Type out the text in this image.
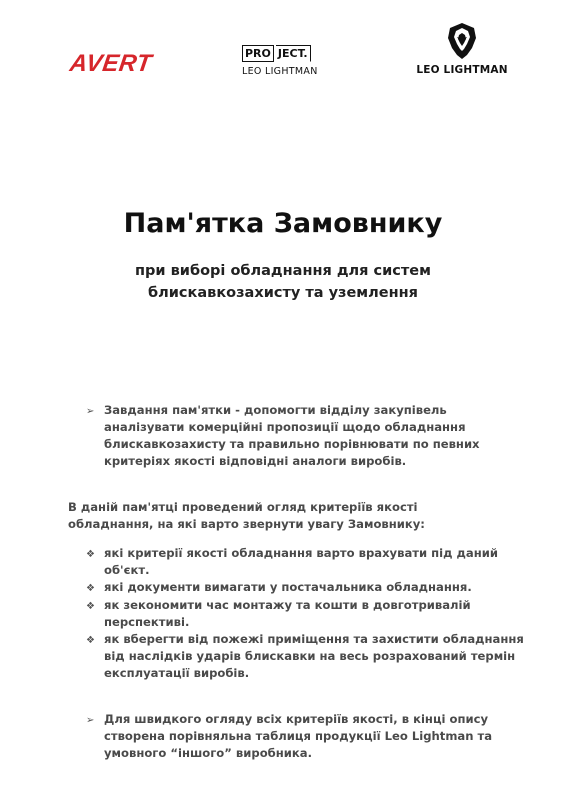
AVERT	PRO JECT.
LEO LIGHTMAN	LEO LIGHTMAN
Пам'ятка Замовнику

при виборі обладнання для систем
блискавкозахисту та уземлення

➢ Завдання пам'ятки - допомогти відділу закупівель аналізувати комерційні пропозиції щодо обладнання блискавкозахисту та правильно порівнювати по певних критеріях якості відповідні аналоги виробів.

В даній пам'ятці проведений огляд критеріїв якості обладнання, на які варто звернути увагу Замовнику:

❖ які критерії якості обладнання варто врахувати під даний об'єкт.
❖ які документи вимагати у постачальника обладнання.
❖ як зекономити час монтажу та кошти в довготривалій перспективі.
❖ як вберегти від пожежі приміщення та захистити обладнання від наслідків ударів блискавки на весь розрахований термін експлуатації виробів.
➢ Для швидкого огляду всіх критеріїв якості, в кінці опису створена порівняльна таблиця продукції Leo Lightman та умовного “іншого” виробника.
